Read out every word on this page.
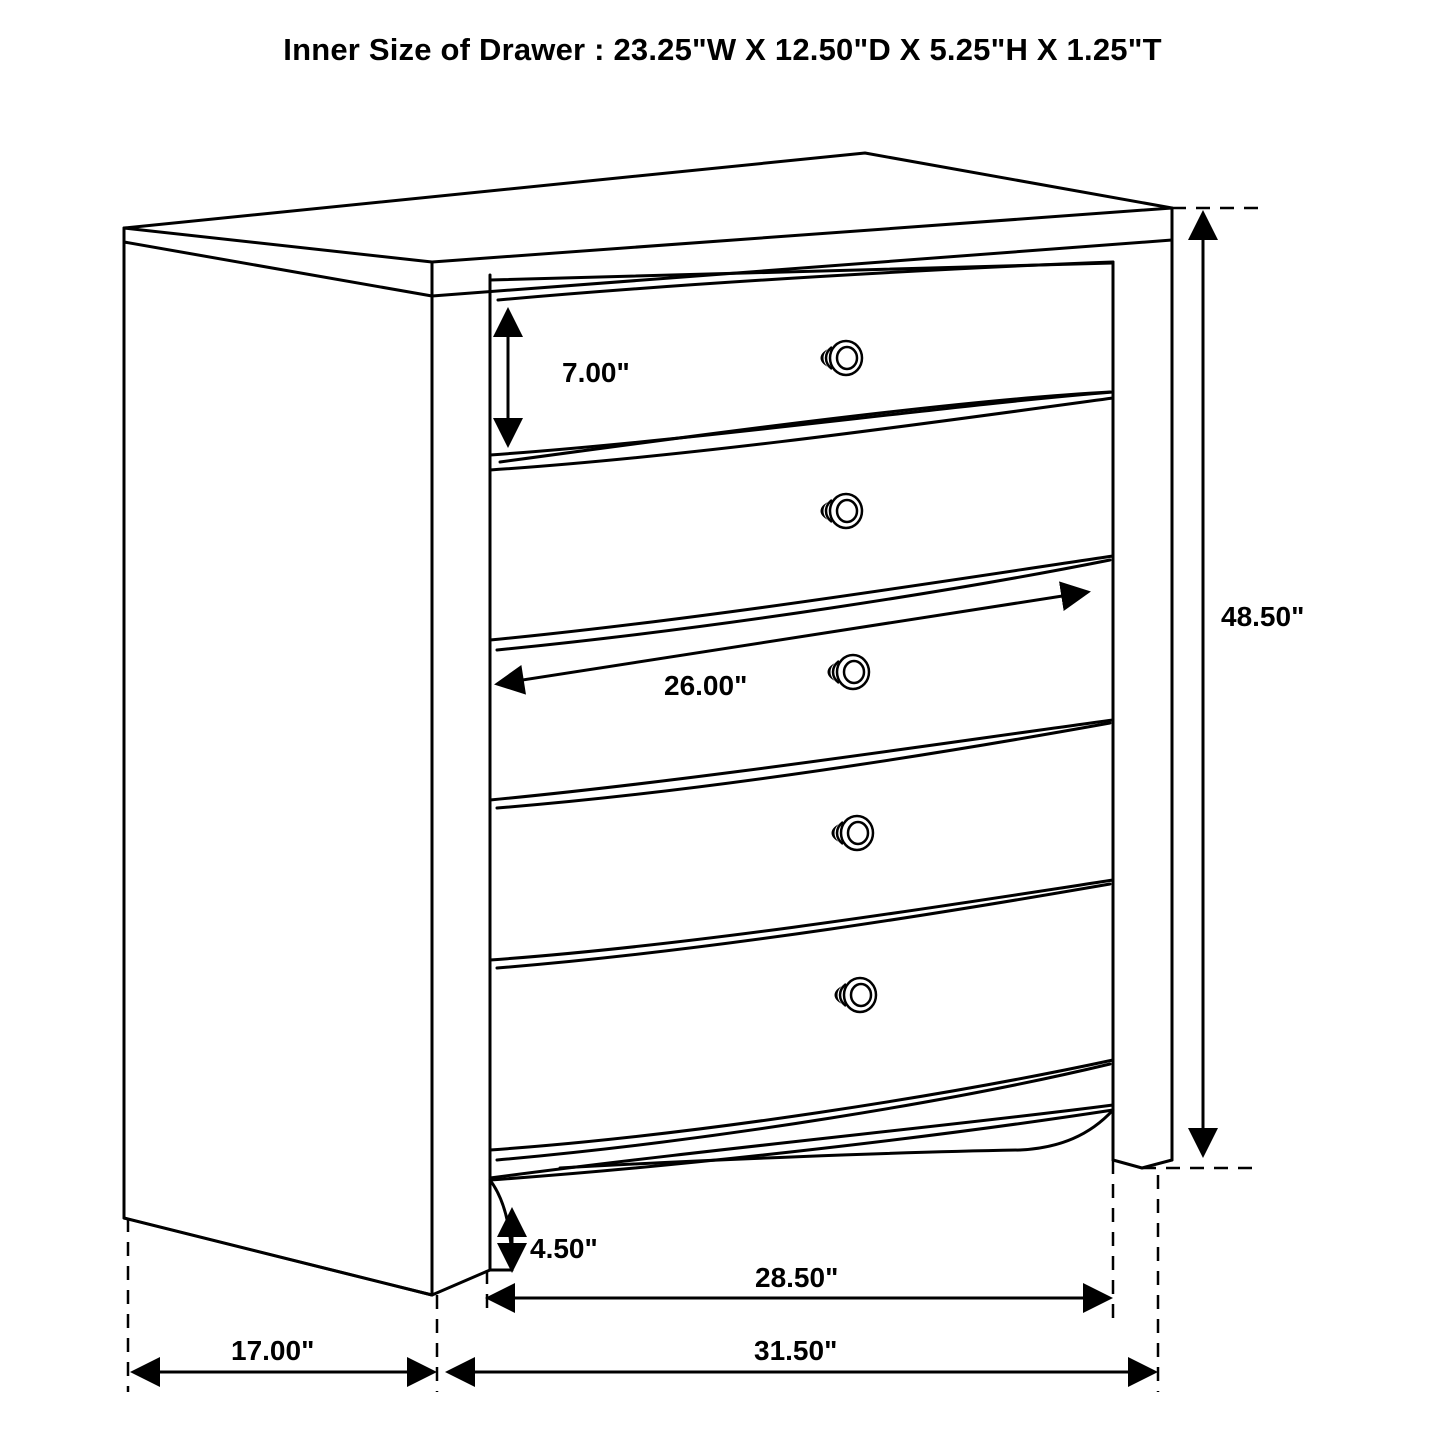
Inner Size of Drawer : 23.25"W X 12.50"D X 5.25"H X 1.25"T
7.00"
26.00"
48.50"
4.50"
28.50"
17.00"	31.50"
